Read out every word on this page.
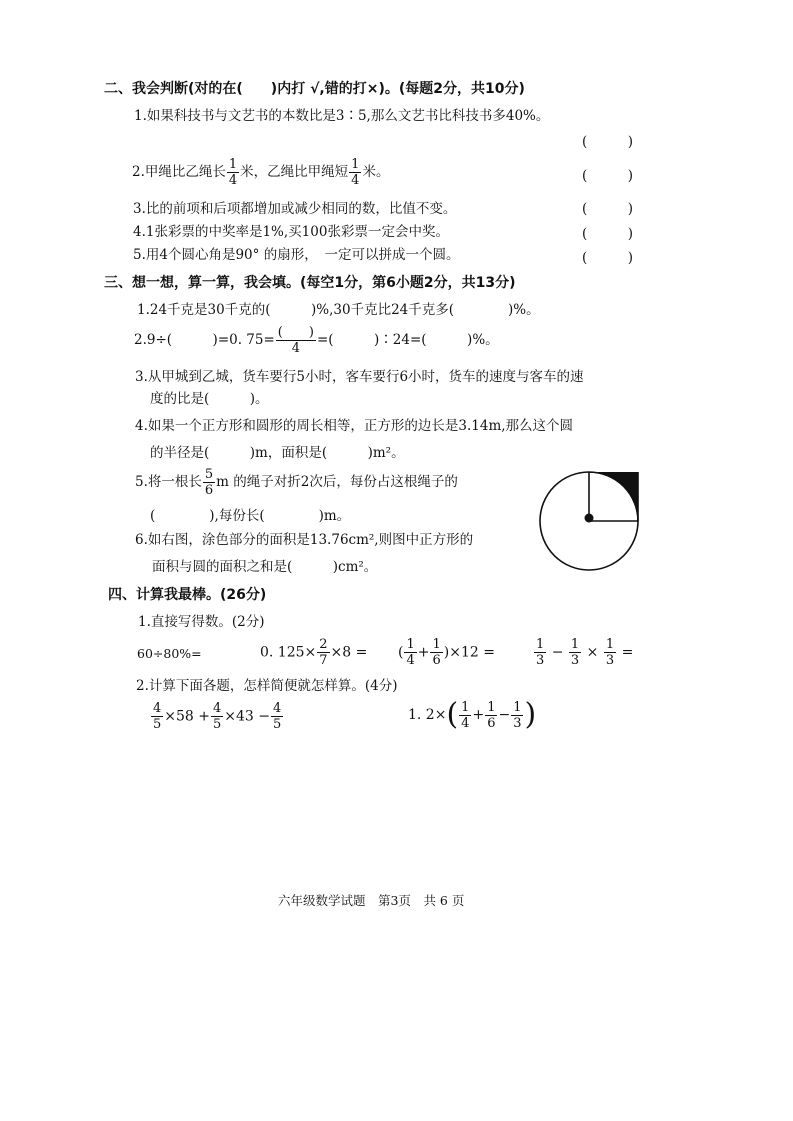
二、我会判断(对的在(　　)内打 √,错的打×)。(每题2分，共10分)
1.如果科技书与文艺书的本数比是3∶5,那么文艺书比科技书多40%。
(　　　)
2.甲绳比乙绳长 $\frac{1}{4}$ 米，乙绳比甲绳短 $\frac{1}{4}$ 米。	(　　　)
3.比的前项和后项都增加或减少相同的数，比值不变。	(　　　)
4.1张彩票的中奖率是1%,买100张彩票一定会中奖。	(　　　)
5.用4个圆心角是90° 的扇形，　一定可以拼成一个圆。	(　　　)
三、想一想，算一算，我会填。(每空1分，第6小题2分，共13分)
1.24千克是30千克的(　　　)%,30千克比24千克多(　　　　)%。
2.9÷(　　　)=0. $75= \frac{( )}{4}$ =(　　　)∶24=(　　　)%。
3.从甲城到乙城，货车要行5小时，客车要行6小时，货车的速度与客车的速
度的比是(　　　)。
4.如果一个正方形和圆形的周长相等，正方形的边长是3.14m,那么这个圆
的半径是(　　　)m，面积是(　　　)m²。
5.将一根长 $\frac{5}{6}$ m 的绳子对折2次后，每份占这根绳子的
(　　　　),每份长(　　　　)m。
6.如右图，涂色部分的面积是13.76cm²,则图中正方形的
面积与圆的面积之和是(　　　)cm²。
四、计算我最棒。(26分)
1.直接写得数。(2分)
60÷80%=	0. $125\times \frac{2}{7} \times 8$ = ( $\frac{1}{4} + \frac{1}{6} )\times 12$ =	$\frac{1}{3} - \frac{1}{3} \times \frac{1}{3}$ =
2.计算下面各题，怎样简便就怎样算。(4分)
$\frac{4}{5} \times 58 + \frac{4}{5} \times 43 - \frac{4}{5}$	1. $2\times( \frac{1}{4} + \frac{1}{6} - \frac{1}{3}$ )
六年级数学试题　第3页　共 6 页
